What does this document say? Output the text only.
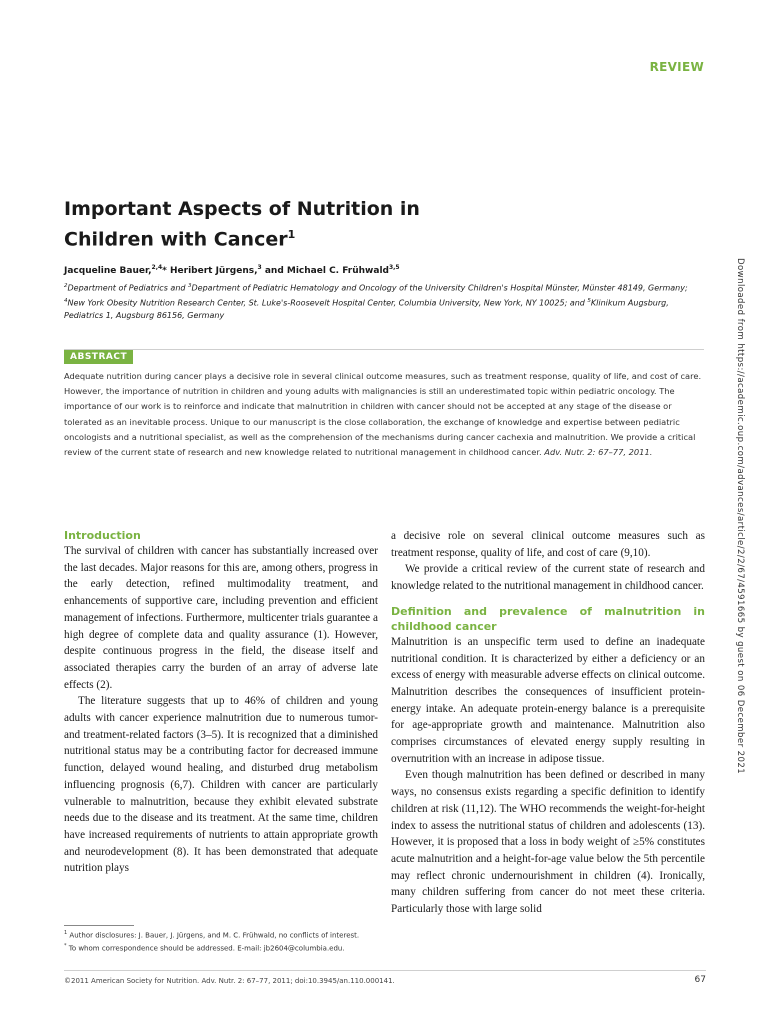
REVIEW
Important Aspects of Nutrition in Children with Cancer$^1$
Jacqueline Bauer,$^{2,4}$* Heribert Jürgens,$^3$ and Michael C. Frühwald$^{3,5}$
$^2$Department of Pediatrics and $^3$Department of Pediatric Hematology and Oncology of the University Children's Hospital Münster, Münster 48149, Germany; $^4$New York Obesity Nutrition Research Center, St. Luke's-Roosevelt Hospital Center, Columbia University, New York, NY 10025; and $^5$Klinikum Augsburg, Pediatrics 1, Augsburg 86156, Germany
ABSTRACT

Adequate nutrition during cancer plays a decisive role in several clinical outcome measures, such as treatment response, quality of life, and cost of care. However, the importance of nutrition in children and young adults with malignancies is still an underestimated topic within pediatric oncology. The importance of our work is to reinforce and indicate that malnutrition in children with cancer should not be accepted at any stage of the disease or tolerated as an inevitable process. Unique to our manuscript is the close collaboration, the exchange of knowledge and expertise between pediatric oncologists and a nutritional specialist, as well as the comprehension of the mechanisms during cancer cachexia and malnutrition. We provide a critical review of the current state of research and new knowledge related to nutritional management in childhood cancer. Adv. Nutr. 2: 67–77, 2011.

Introduction

The survival of children with cancer has substantially increased over the last decades. Major reasons for this are, among others, progress in the early detection, refined multimodality treatment, and enhancements of supportive care, including prevention and efficient management of infections. Furthermore, multicenter trials guarantee a high degree of complete data and quality assurance (1). However, despite continuous progress in the field, the disease itself and associated therapies carry the burden of an array of adverse late effects (2).

The literature suggests that up to 46% of children and young adults with cancer experience malnutrition due to numerous tumor- and treatment-related factors (3–5). It is recognized that a diminished nutritional status may be a contributing factor for decreased immune function, delayed wound healing, and disturbed drug metabolism influencing prognosis (6,7). Children with cancer are particularly vulnerable to malnutrition, because they exhibit elevated substrate needs due to the disease and its treatment. At the same time, children have increased requirements of nutrients to attain appropriate growth and neurodevelopment (8). It has been demonstrated that adequate nutrition plays

a decisive role on several clinical outcome measures such as treatment response, quality of life, and cost of care (9,10).

We provide a critical review of the current state of research and knowledge related to the nutritional management in childhood cancer.

Definition and prevalence of malnutrition in childhood cancer

Malnutrition is an unspecific term used to define an inadequate nutritional condition. It is characterized by either a deficiency or an excess of energy with measurable adverse effects on clinical outcome. Malnutrition describes the consequences of insufficient protein-energy intake. An adequate protein-energy balance is a prerequisite for age-appropriate growth and maintenance. Malnutrition also comprises circumstances of elevated energy supply resulting in overnutrition with an increase in adipose tissue.

Even though malnutrition has been defined or described in many ways, no consensus exists regarding a specific definition to identify children at risk (11,12). The WHO recommends the weight-for-height index to assess the nutritional status of children and adolescents (13). However, it is proposed that a loss in body weight of ≥5% constitutes acute malnutrition and a height-for-age value below the 5th percentile may reflect chronic undernourishment in children (4). Ironically, many children suffering from cancer do not meet these criteria. Particularly those with large solid

$^1$ Author disclosures: J. Bauer, J. Jürgens, and M. C. Frühwald, no conflicts of interest.
* To whom correspondence should be addressed. E-mail: jb2604@columbia.edu.
©2011 American Society for Nutrition. Adv. Nutr. 2: 67–77, 2011; doi:10.3945/an.110.000141.	67
Downloaded from https://academic.oup.com/advances/article/2/2/67/4591665 by guest on 06 December 2021
